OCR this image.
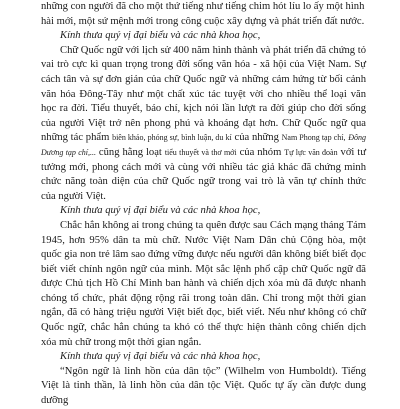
những con người đã cho một thứ tiếng như tiếng chim hót líu lo ấy một hình

hài mới, một sứ mệnh mới trong công cuộc xây dựng và phát triển đất nước.

Kính thưa quý vị đại biểu và các nhà khoa học,

Chữ Quốc ngữ với lịch sử 400 năm hình thành và phát triển đã chứng tỏ vai trò cực kì quan trọng trong đời sống văn hóa - xã hội của Việt Nam. Sự cách tân và sự đơn giản của chữ Quốc ngữ và những cảm hứng từ bối cảnh văn hóa Đông-Tây như một chất xúc tác tuyệt vời cho nhiều thể loại văn học ra đời. Tiểu thuyết, báo chí, kịch nói lần lượt ra đời giúp cho đời sống của người Việt trở nên phong phú và khoáng đạt hơn. Chữ Quốc ngữ qua những tác phẩm biên khảo, phóng sự, bình luận, du kí của những Nam Phong tạp chí, Đông Dương tạp chí,... cũng hằng loạt tiểu thuyết và thơ mới của nhóm Tự lực văn đoàn với tư tưởng mới, phong cách mới và cùng với nhiều tác giả khác đã chứng minh chức năng toàn diện của chữ Quốc ngữ trong vai trò là văn tự chính thức của người Việt.

Kính thưa quý vị đại biểu và các nhà khoa học,

Chắc hẳn không ai trong chúng ta quên được sau Cách mạng tháng Tám 1945, hơn 95% dân ta mù chữ. Nước Việt Nam Dân chủ Cộng hòa, một quốc gia non trẻ lâm sao đứng vững được nếu người dân không biết biết đọc biết viết chính ngôn ngữ của mình. Một sắc lệnh phổ cập chữ Quốc ngữ đã được Chủ tịch Hồ Chí Minh ban hành và chiến dịch xóa mù đã được nhanh chóng tổ chức, phát động rộng rãi trong toàn dân. Chỉ trong một thời gian ngắn, đã có hàng triệu người Việt biết đọc, biết viết. Nếu như không có chữ Quốc ngữ, chắc hẳn chúng ta khó có thể thực hiện thành công chiến dịch xóa mù chữ trong một thời gian ngắn.

Kính thưa quý vị đại biểu và các nhà khoa học,

“Ngôn ngữ là linh hồn của dân tộc” (Wilhelm von Humboldt). Tiếng Việt là tinh thần, là linh hồn của dân tộc Việt. Quốc tự ấy cần được dung dưỡng
